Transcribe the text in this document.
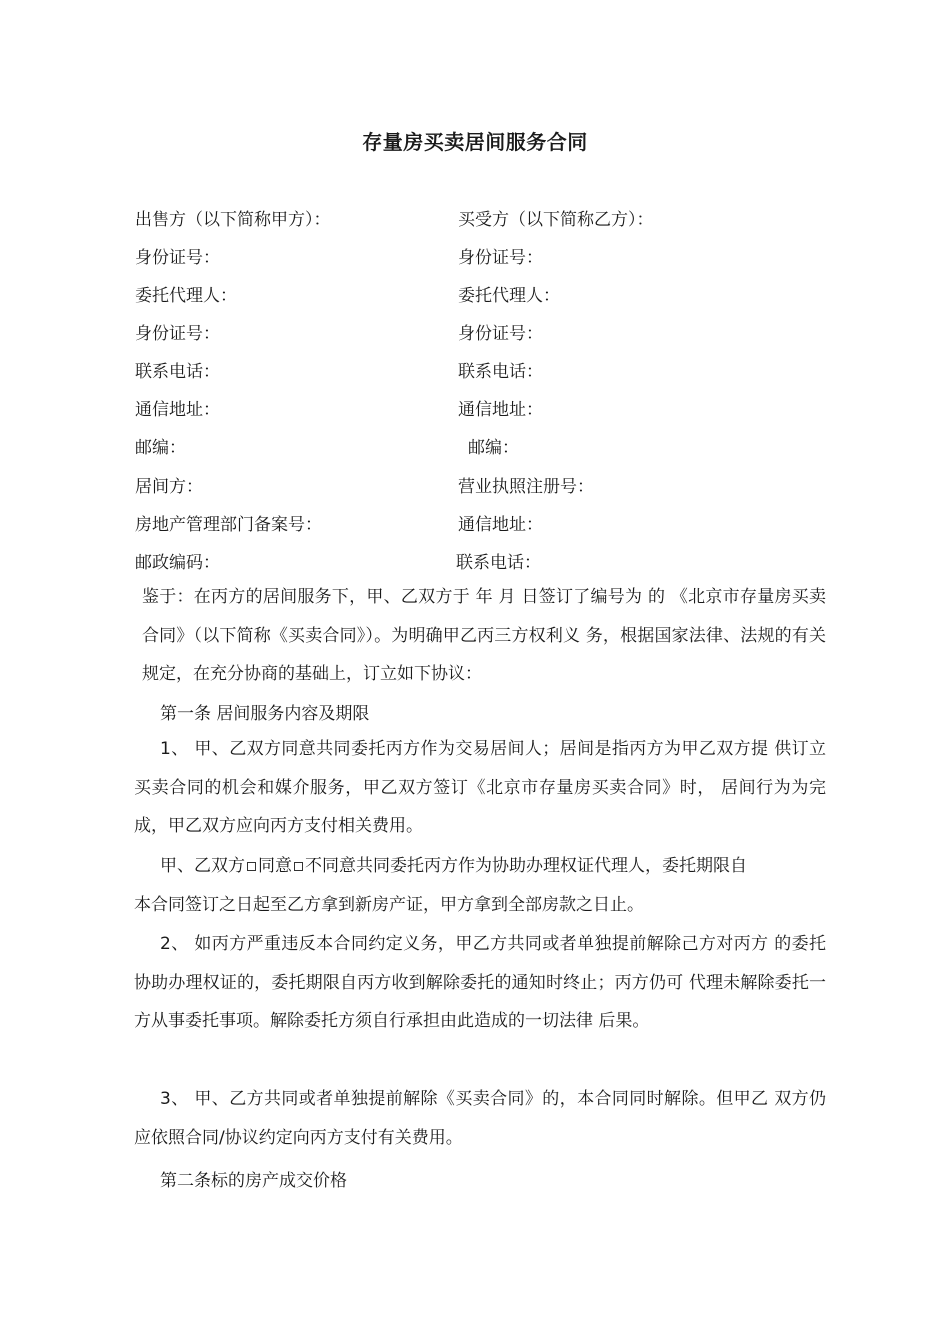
存量房买卖居间服务合同
出售方（以下简称甲方）：	买受方（以下简称乙方）：
身份证号：	身份证号：
委托代理人：	委托代理人：
身份证号：	身份证号：
联系电话：	联系电话：
通信地址：	通信地址：
邮编：	邮编：
居间方：	营业执照注册号：
房地产管理部门备案号：	通信地址：
邮政编码：	联系电话：
鉴于：在丙方的居间服务下，甲、乙双方于 年 月 日签订了编号为 的 《北京市存量房买卖合同》（以下简称《买卖合同》）。为明确甲乙丙三方权利义 务，根据国家法律、法规的有关规定，在充分协商的基础上，订立如下协议：
第一条 居间服务内容及期限
1、 甲、乙双方同意共同委托丙方作为交易居间人；居间是指丙方为甲乙双方提 供订立买卖合同的机会和媒介服务，甲乙双方签订《北京市存量房买卖合同》时， 居间行为为完成，甲乙双方应向丙方支付相关费用。
甲、乙双方 同意 不同意共同委托丙方作为协助办理权证代理人，委托期限自
本合同签订之日起至乙方拿到新房产证，甲方拿到全部房款之日止。
2、 如丙方严重违反本合同约定义务，甲乙方共同或者单独提前解除己方对丙方 的委托协助办理权证的，委托期限自丙方收到解除委托的通知时终止；丙方仍可 代理未解除委托一方从事委托事项。解除委托方须自行承担由此造成的一切法律 后果。
3、 甲、乙方共同或者单独提前解除《买卖合同》的，本合同同时解除。但甲乙 双方仍应依照合同/协议约定向丙方支付有关费用。
第二条标的房产成交价格
